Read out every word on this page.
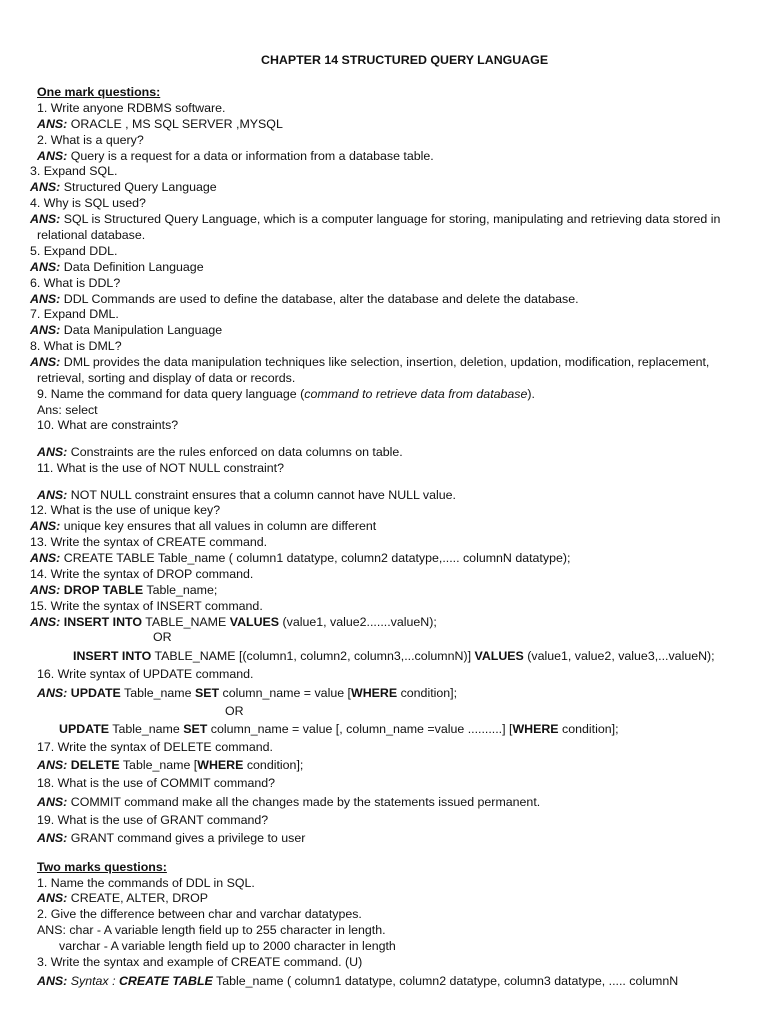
CHAPTER 14 STRUCTURED QUERY LANGUAGE
One mark questions:
1. Write anyone RDBMS software.
ANS: ORACLE , MS SQL SERVER ,MYSQL
2. What is a query?
ANS: Query is a request for a data or information from a database table.
3. Expand SQL.
ANS: Structured Query Language
4. Why is SQL used?
ANS: SQL is Structured Query Language, which is a computer language for storing, manipulating and retrieving data stored in
relational database.
5. Expand DDL.
ANS: Data Definition Language
6. What is DDL?
ANS: DDL Commands are used to define the database, alter the database and delete the database.
7. Expand DML.
ANS: Data Manipulation Language
8. What is DML?
ANS: DML provides the data manipulation techniques like selection, insertion, deletion, updation, modification, replacement,
retrieval, sorting and display of data or records.
9. Name the command for data query language (command to retrieve data from database).
Ans: select
10. What are constraints?
ANS: Constraints are the rules enforced on data columns on table.
11. What is the use of NOT NULL constraint?
ANS: NOT NULL constraint ensures that a column cannot have NULL value.
12. What is the use of unique key?
ANS: unique key ensures that all values in column are different
13. Write the syntax of CREATE command.
ANS: CREATE TABLE Table_name ( column1 datatype, column2 datatype,..... columnN datatype);
14. Write the syntax of DROP command.
ANS: DROP TABLE Table_name;
15. Write the syntax of INSERT command.
ANS: INSERT INTO TABLE_NAME VALUES (value1, value2.......valueN);
OR
INSERT INTO TABLE_NAME [(column1, column2, column3,...columnN)] VALUES (value1, value2, value3,...valueN);
16. Write syntax of UPDATE command.
ANS: UPDATE Table_name SET column_name = value [WHERE condition];
OR
UPDATE Table_name SET column_name = value [, column_name =value ..........] [WHERE condition];
17. Write the syntax of DELETE command.
ANS: DELETE Table_name [WHERE condition];
18. What is the use of COMMIT command?
ANS: COMMIT command make all the changes made by the statements issued permanent.
19. What is the use of GRANT command?
ANS: GRANT command gives a privilege to user
Two marks questions:
1. Name the commands of DDL in SQL.
ANS: CREATE, ALTER, DROP
2. Give the difference between char and varchar datatypes.
ANS: char - A variable length field up to 255 character in length.
varchar - A variable length field up to 2000 character in length
3. Write the syntax and example of CREATE command. (U)
ANS: Syntax : CREATE TABLE Table_name ( column1 datatype, column2 datatype, column3 datatype, ..... columnN
